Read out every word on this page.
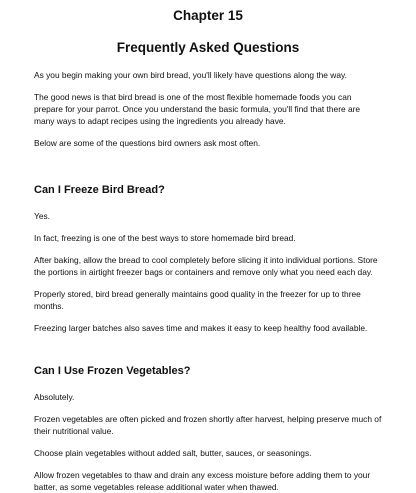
Chapter 15
Frequently Asked Questions

As you begin making your own bird bread, you'll likely have questions along the way.

The good news is that bird bread is one of the most flexible homemade foods you can prepare for your parrot. Once you understand the basic formula, you'll find that there are many ways to adapt recipes using the ingredients you already have.

Below are some of the questions bird owners ask most often.

Can I Freeze Bird Bread?

Yes.

In fact, freezing is one of the best ways to store homemade bird bread.

After baking, allow the bread to cool completely before slicing it into individual portions. Store the portions in airtight freezer bags or containers and remove only what you need each day.

Properly stored, bird bread generally maintains good quality in the freezer for up to three months.

Freezing larger batches also saves time and makes it easy to keep healthy food available.

Can I Use Frozen Vegetables?

Absolutely.

Frozen vegetables are often picked and frozen shortly after harvest, helping preserve much of their nutritional value.

Choose plain vegetables without added salt, butter, sauces, or seasonings.

Allow frozen vegetables to thaw and drain any excess moisture before adding them to your batter, as some vegetables release additional water when thawed.
